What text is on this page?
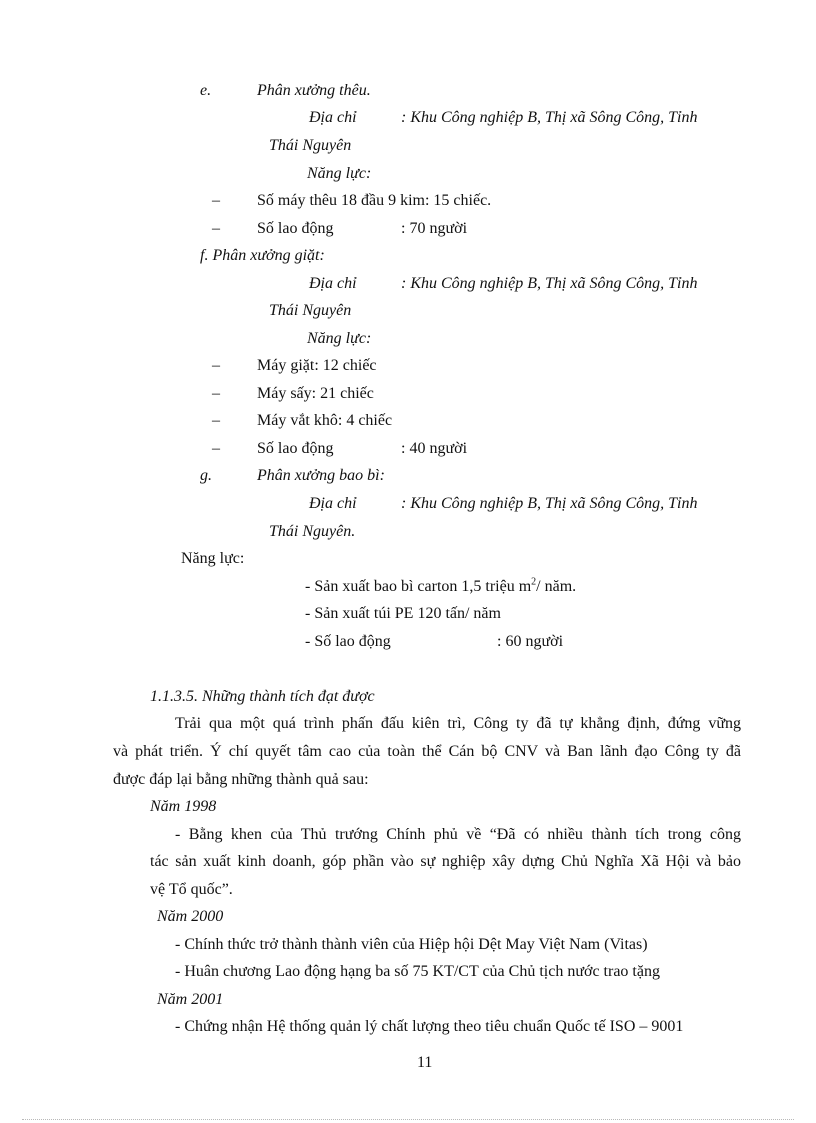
e.	Phân xưởng thêu.
Địa chỉ	: Khu Công nghiệp B, Thị xã Sông Công, Tỉnh
Thái Nguyên
Năng lực:
– Số máy thêu 18 đầu 9 kim: 15 chiếc.
– Số lao động	: 70 người
f. Phân xưởng giặt:
Địa chỉ	: Khu Công nghiệp B, Thị xã Sông Công, Tỉnh
Thái Nguyên
Năng lực:
– Máy giặt: 12 chiếc
– Máy sấy: 21 chiếc
– Máy vắt khô: 4 chiếc
– Số lao động	: 40 người
g.	Phân xưởng bao bì:
Địa chỉ	: Khu Công nghiệp B, Thị xã Sông Công, Tỉnh
Thái Nguyên.
Năng lực:
- Sản xuất bao bì carton 1,5 triệu $m^2/$ năm.
- Sản xuất túi PE 120 tấn/ năm
- Số lao động	: 60 người
1.1.3.5. Những thành tích đạt được
Trải qua một quá trình phấn đấu kiên trì, Công ty đã tự khẳng định, đứng vững
và phát triển. Ý chí quyết tâm cao của toàn thể Cán bộ CNV và Ban lãnh đạo Công ty đã
được đáp lại bằng những thành quả sau:
Năm 1998
- Bằng khen của Thủ trướng Chính phủ về “Đã có nhiều thành tích trong công
tác sản xuất kinh doanh, góp phần vào sự nghiệp xây dựng Chủ Nghĩa Xã Hội và bảo
vệ Tổ quốc”.
Năm 2000
- Chính thức trở thành thành viên của Hiệp hội Dệt May Việt Nam (Vitas)
- Huân chương Lao động hạng ba số 75 KT/CT của Chủ tịch nước trao tặng
Năm 2001
- Chứng nhận Hệ thống quản lý chất lượng theo tiêu chuẩn Quốc tế ISO – 9001
11
